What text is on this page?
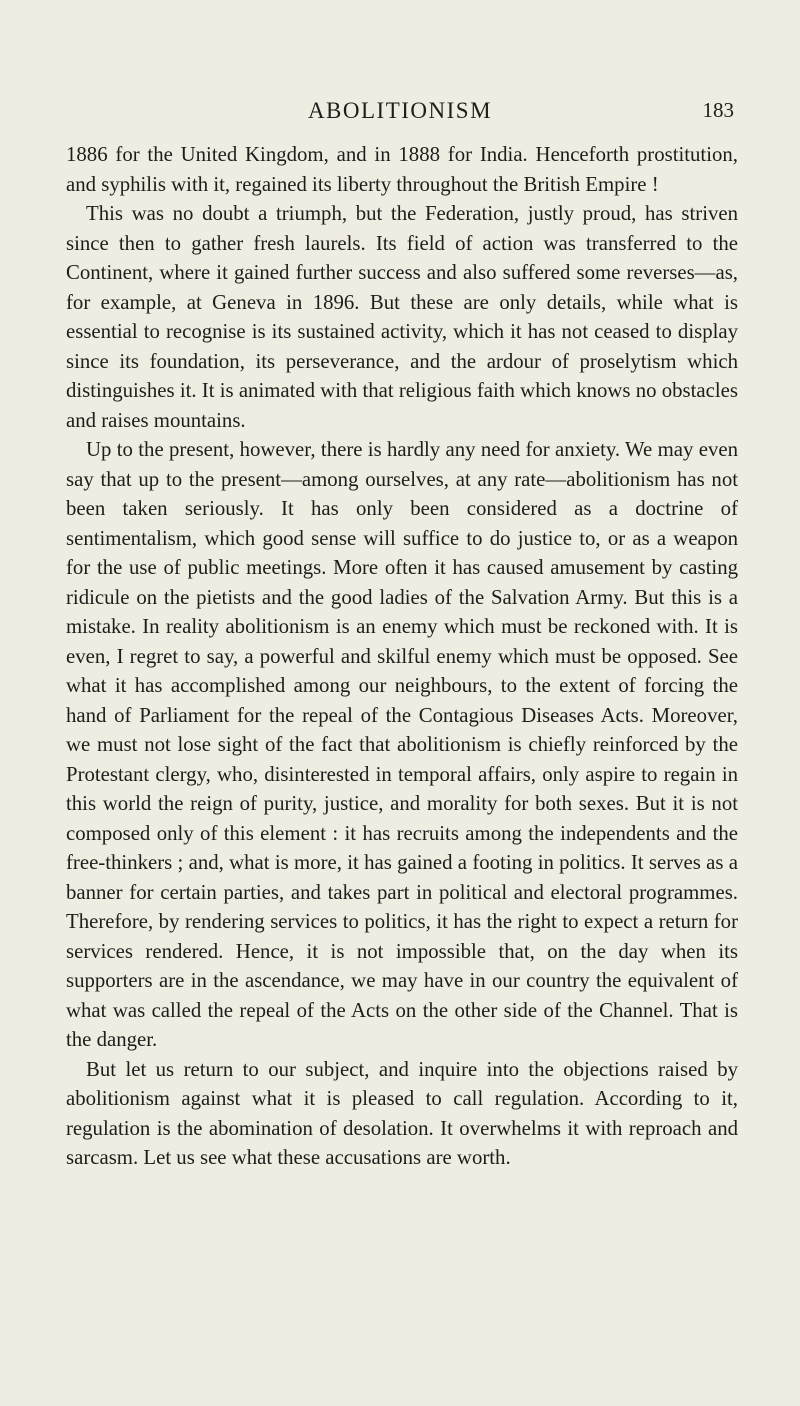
ABOLITIONISM	183

1886 for the United Kingdom, and in 1888 for India. Henceforth prostitution, and syphilis with it, regained its liberty throughout the British Empire !

This was no doubt a triumph, but the Federation, justly proud, has striven since then to gather fresh laurels. Its field of action was transferred to the Continent, where it gained further success and also suffered some reverses—as, for example, at Geneva in 1896. But these are only details, while what is essential to recognise is its sustained activity, which it has not ceased to display since its foundation, its perseverance, and the ardour of proselytism which distinguishes it. It is animated with that religious faith which knows no obstacles and raises mountains.

Up to the present, however, there is hardly any need for anxiety. We may even say that up to the present—among ourselves, at any rate—abolitionism has not been taken seriously. It has only been considered as a doctrine of sentimentalism, which good sense will suffice to do justice to, or as a weapon for the use of public meetings. More often it has caused amusement by casting ridicule on the pietists and the good ladies of the Salvation Army. But this is a mistake. In reality abolitionism is an enemy which must be reckoned with. It is even, I regret to say, a powerful and skilful enemy which must be opposed. See what it has accomplished among our neighbours, to the extent of forcing the hand of Parliament for the repeal of the Contagious Diseases Acts. Moreover, we must not lose sight of the fact that abolitionism is chiefly reinforced by the Protestant clergy, who, disinterested in temporal affairs, only aspire to regain in this world the reign of purity, justice, and morality for both sexes. But it is not composed only of this element : it has recruits among the independents and the free-thinkers ; and, what is more, it has gained a footing in politics. It serves as a banner for certain parties, and takes part in political and electoral programmes. Therefore, by rendering services to politics, it has the right to expect a return for services rendered. Hence, it is not impossible that, on the day when its supporters are in the ascendance, we may have in our country the equivalent of what was called the repeal of the Acts on the other side of the Channel. That is the danger.

But let us return to our subject, and inquire into the objections raised by abolitionism against what it is pleased to call regulation. According to it, regulation is the abomination of desolation. It overwhelms it with reproach and sarcasm. Let us see what these accusations are worth.
